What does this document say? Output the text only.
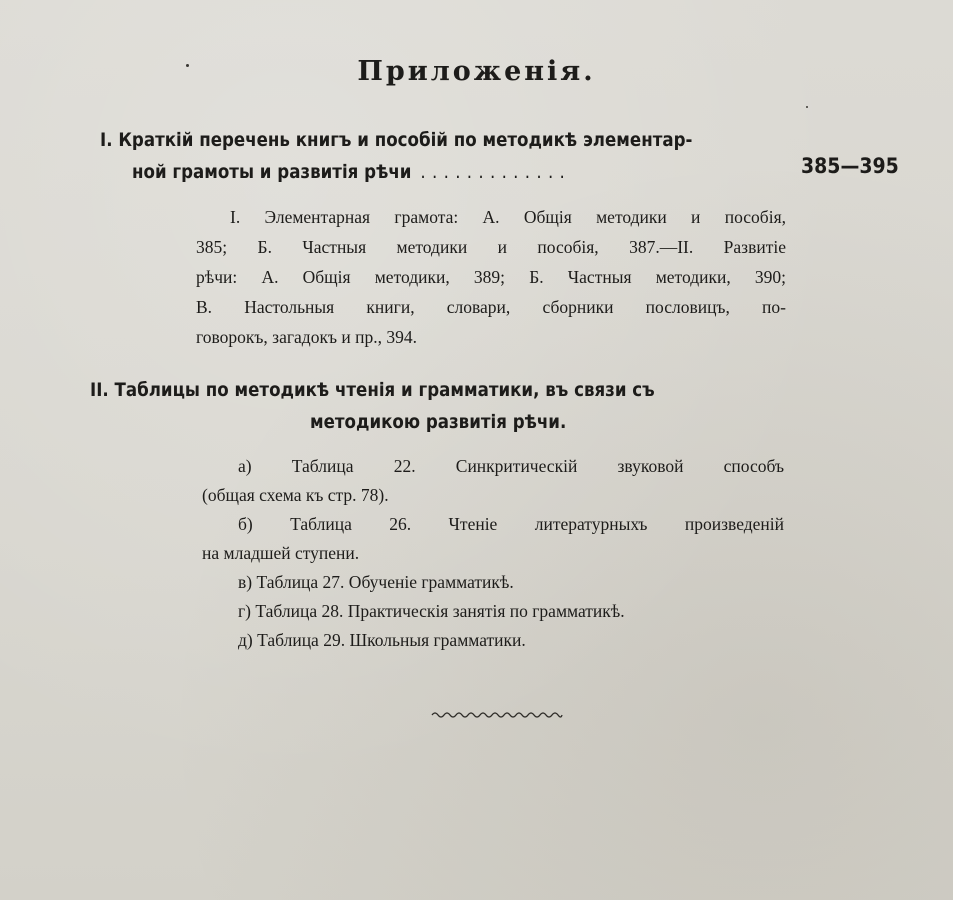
Приложенія.
I. Краткій перечень книгъ и пособій по методикѣ элементар-
ной грамоты и развитія рѣчи .............	385—395
I. Элементарная грамота: А. Общія методики и пособія,
385; Б. Частныя методики и пособія, 387.—II. Развитіе
рѣчи: А. Общія методики, 389; Б. Частныя методики, 390;
В. Настольныя книги, словари, сборники пословицъ, по-
говорокъ, загадокъ и пр., 394.
II. Таблицы по методикѣ чтенія и грамматики, въ связи съ
методикою развитія рѣчи.
а) Таблица 22. Синкритическій звуковой способъ
(общая схема къ стр. 78).
б) Таблица 26. Чтеніе литературныхъ произведеній
на младшей ступени.
в) Таблица 27. Обученіе грамматикѣ.
г) Таблица 28. Практическія занятія по грамматикѣ.
д) Таблица 29. Школьныя грамматики.
